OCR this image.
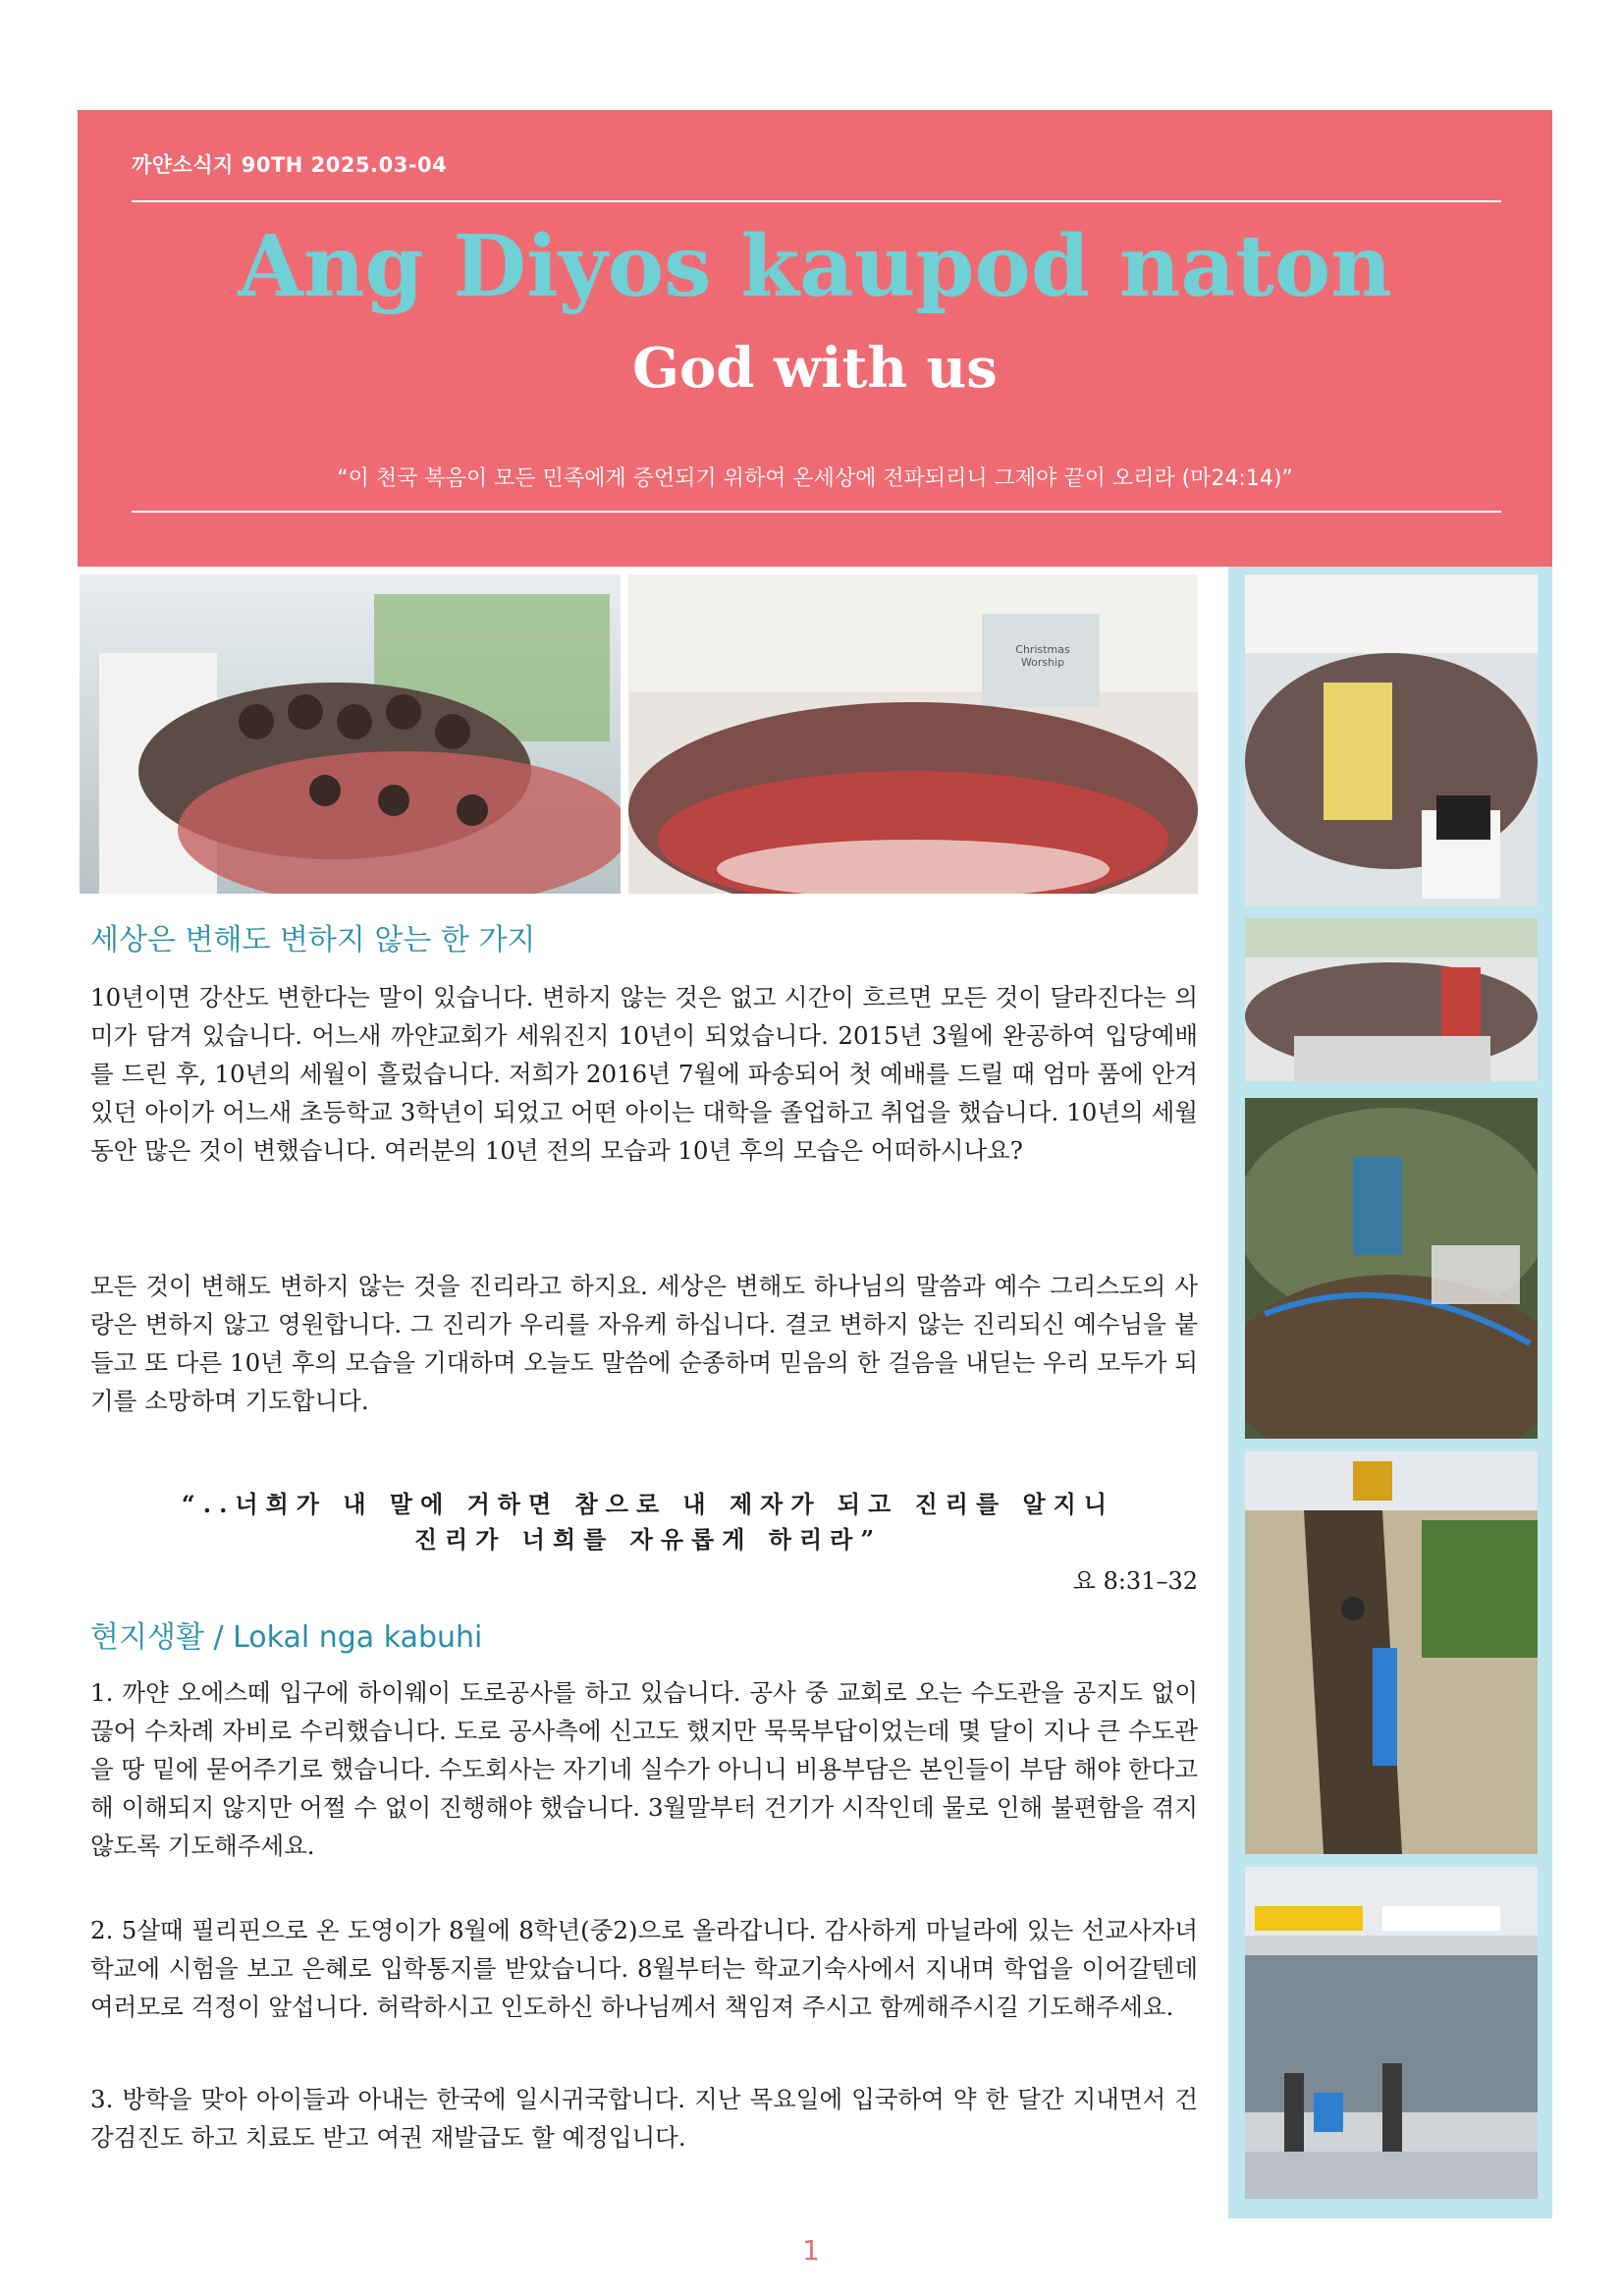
까얀소식지 90TH 2025.03-04
Ang Diyos kaupod naton
God with us
“이 천국 복음이 모든 민족에게 증언되기 위하여 온세상에 전파되리니 그제야 끝이 오리라 (마24:14)”
Christmas Worship
세상은 변해도 변하지 않는 한 가지

10년이면 강산도 변한다는 말이 있습니다. 변하지 않는 것은 없고 시간이 흐르면 모든 것이 달라진다는 의미가 담겨 있습니다. 어느새 까얀교회가 세워진지 10년이 되었습니다. 2015년 3월에 완공하여 입당예배를 드린 후, 10년의 세월이 흘렀습니다. 저희가 2016년 7월에 파송되어 첫 예배를 드릴 때 엄마 품에 안겨 있던 아이가 어느새 초등학교 3학년이 되었고 어떤 아이는 대학을 졸업하고 취업을 했습니다. 10년의 세월동안 많은 것이 변했습니다. 여러분의 10년 전의 모습과 10년 후의 모습은 어떠하시나요?

모든 것이 변해도 변하지 않는 것을 진리라고 하지요. 세상은 변해도 하나님의 말씀과 예수 그리스도의 사랑은 변하지 않고 영원합니다. 그 진리가 우리를 자유케 하십니다. 결코 변하지 않는 진리되신 예수님을 붙들고 또 다른 10년 후의 모습을 기대하며 오늘도 말씀에 순종하며 믿음의 한 걸음을 내딛는 우리 모두가 되기를 소망하며 기도합니다.

“..너희가 내 말에 거하면 참으로 내 제자가 되고 진리를 알지니
진리가 너희를 자유롭게 하리라”
요 8:31–32
현지생활 / Lokal nga kabuhi

1. 까얀 오에스떼 입구에 하이웨이 도로공사를 하고 있습니다. 공사 중 교회로 오는 수도관을 공지도 없이 끊어 수차례 자비로 수리했습니다. 도로 공사측에 신고도 했지만 묵묵부답이었는데 몇 달이 지나 큰 수도관을 땅 밑에 묻어주기로 했습니다. 수도회사는 자기네 실수가 아니니 비용부담은 본인들이 부담 해야 한다고 해 이해되지 않지만 어쩔 수 없이 진행해야 했습니다. 3월말부터 건기가 시작인데 물로 인해 불편함을 겪지 않도록 기도해주세요.

2. 5살때 필리핀으로 온 도영이가 8월에 8학년(중2)으로 올라갑니다. 감사하게 마닐라에 있는 선교사자녀학교에 시험을 보고 은혜로 입학통지를 받았습니다. 8월부터는 학교기숙사에서 지내며 학업을 이어갈텐데 여러모로 걱정이 앞섭니다. 허락하시고 인도하신 하나님께서 책임져 주시고 함께해주시길 기도해주세요.

3. 방학을 맞아 아이들과 아내는 한국에 일시귀국합니다. 지난 목요일에 입국하여 약 한 달간 지내면서 건강검진도 하고 치료도 받고 여권 재발급도 할 예정입니다.

1
